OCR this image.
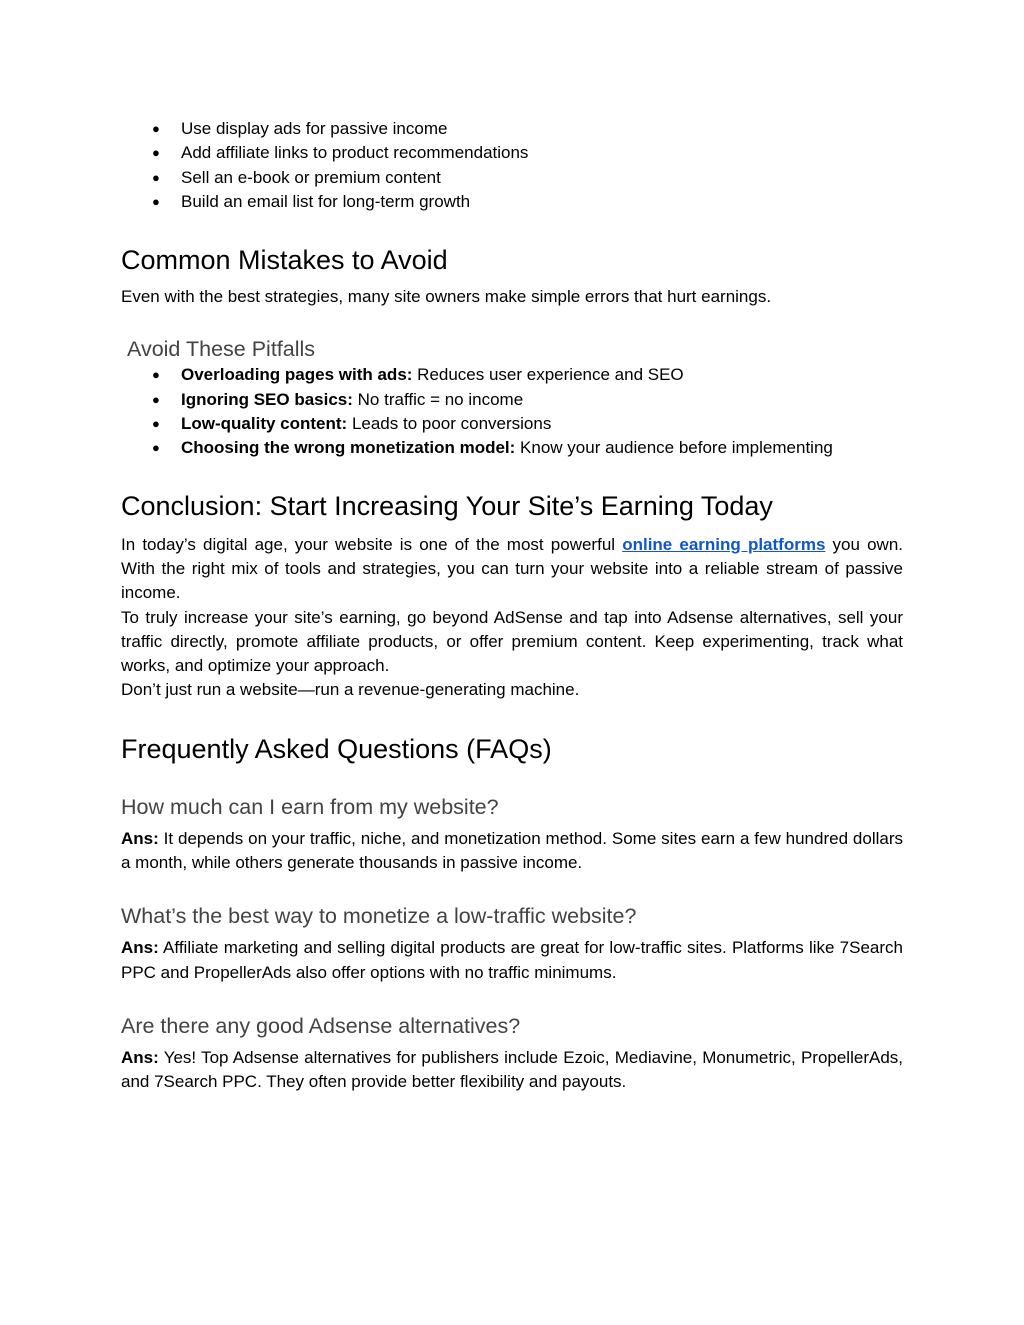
● Use display ads for passive income
● Add affiliate links to product recommendations
● Sell an e-book or premium content
● Build an email list for long-term growth
Common Mistakes to Avoid

Even with the best strategies, many site owners make simple errors that hurt earnings.

Avoid These Pitfalls
● Overloading pages with ads: Reduces user experience and SEO
● Ignoring SEO basics: No traffic = no income
● Low-quality content: Leads to poor conversions
● Choosing the wrong monetization model: Know your audience before implementing
Conclusion: Start Increasing Your Site’s Earning Today

In today’s digital age, your website is one of the most powerful online earning platforms you own. With the right mix of tools and strategies, you can turn your website into a reliable stream of passive income.

To truly increase your site’s earning, go beyond AdSense and tap into Adsense alternatives, sell your traffic directly, promote affiliate products, or offer premium content. Keep experimenting, track what works, and optimize your approach.

Don’t just run a website—run a revenue-generating machine.

Frequently Asked Questions (FAQs)
How much can I earn from my website?

Ans: It depends on your traffic, niche, and monetization method. Some sites earn a few hundred dollars a month, while others generate thousands in passive income.

What’s the best way to monetize a low-traffic website?

Ans: Affiliate marketing and selling digital products are great for low-traffic sites. Platforms like 7Search PPC and PropellerAds also offer options with no traffic minimums.

Are there any good Adsense alternatives?

Ans: Yes! Top Adsense alternatives for publishers include Ezoic, Mediavine, Monumetric, PropellerAds, and 7Search PPC. They often provide better flexibility and payouts.
